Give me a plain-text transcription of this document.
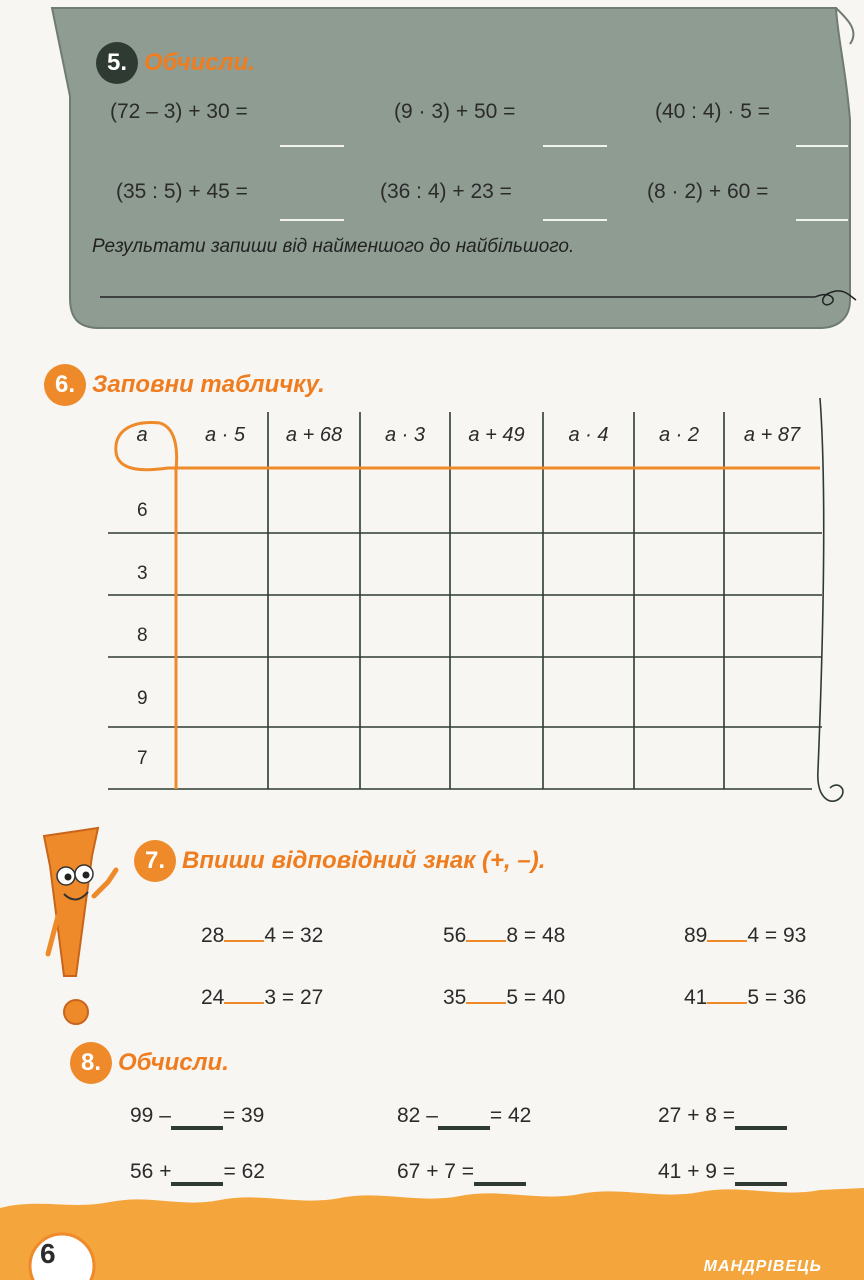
5. Обчисли.
(72 – 3) + 30 =	(9 · 3) + 50 =	(40 : 4) · 5 =
(35 : 5) + 45 =	(36 : 4) + 23 =	(8 · 2) + 60 =
Результати запиши від найменшого до найбільшого.
6. Заповни табличку.
a	a · 5	a + 68	a · 3	a + 49	a · 4	a · 2	a + 87
6
3
8
9
7
7. Впиши відповідний знак (+, –).
28 4 = 32	56 8 = 48	89 4 = 93
24 3 = 27	35 5 = 40	41 5 = 36
8. Обчисли.
99 – = 39	82 – = 42	27 + 8 =
56 + = 62	67 + 7 =	41 + 9 =
6	МАНДРІВЕЦЬ
